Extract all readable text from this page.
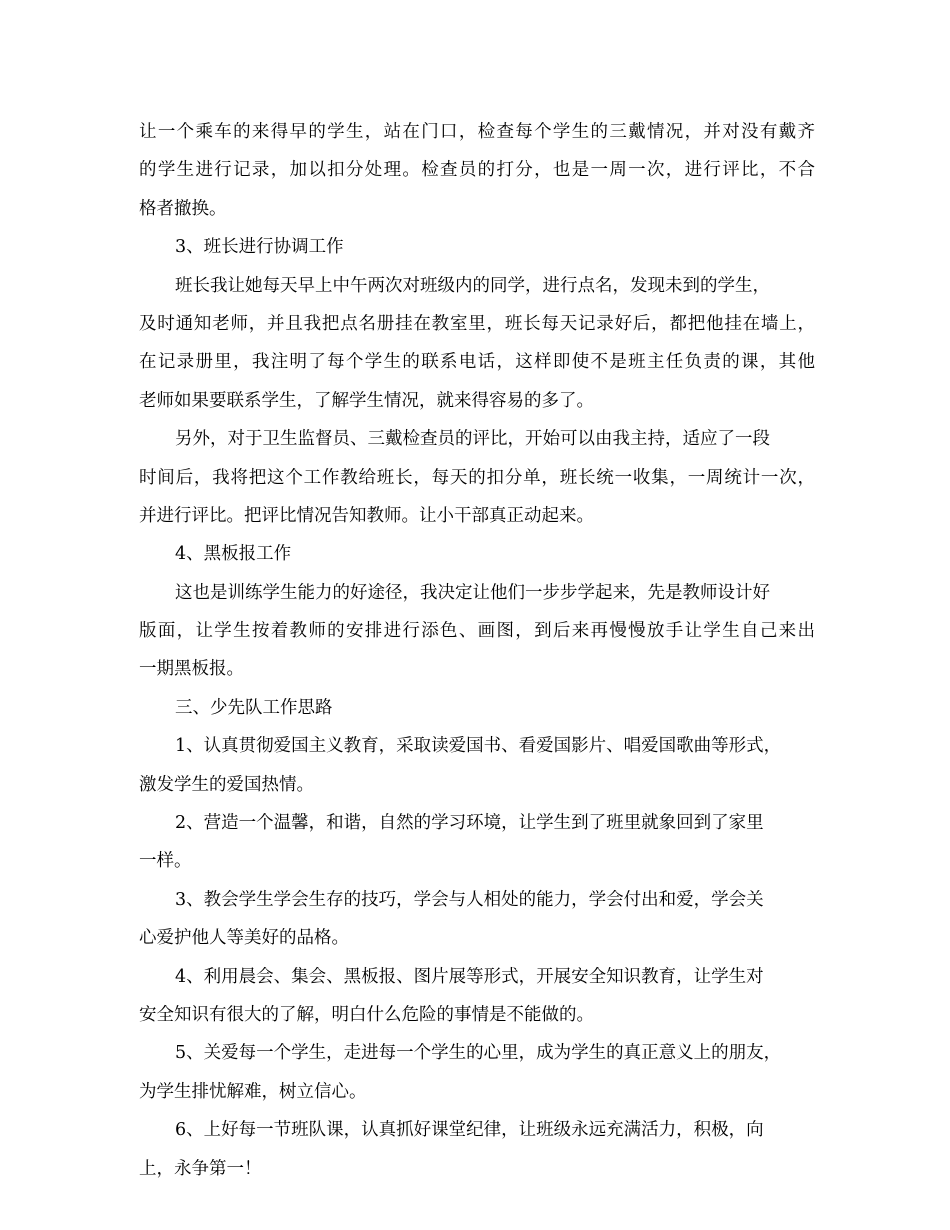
让一个乘车的来得早的学生，站在门口，检查每个学生的三戴情况，并对没有戴齐
的学生进行记录，加以扣分处理。检查员的打分，也是一周一次，进行评比，不合
格者撤换。
3、班长进行协调工作
班长我让她每天早上中午两次对班级内的同学，进行点名，发现未到的学生，
及时通知老师，并且我把点名册挂在教室里，班长每天记录好后，都把他挂在墙上，
在记录册里，我注明了每个学生的联系电话，这样即使不是班主任负责的课，其他
老师如果要联系学生，了解学生情况，就来得容易的多了。
另外，对于卫生监督员、三戴检查员的评比，开始可以由我主持，适应了一段
时间后，我将把这个工作教给班长，每天的扣分单，班长统一收集，一周统计一次，
并进行评比。把评比情况告知教师。让小干部真正动起来。
4、黑板报工作
这也是训练学生能力的好途径，我决定让他们一步步学起来，先是教师设计好
版面，让学生按着教师的安排进行添色、画图，到后来再慢慢放手让学生自己来出
一期黑板报。
三、少先队工作思路
1、认真贯彻爱国主义教育，采取读爱国书、看爱国影片、唱爱国歌曲等形式，
激发学生的爱国热情。
2、营造一个温馨，和谐，自然的学习环境，让学生到了班里就象回到了家里
一样。
3、教会学生学会生存的技巧，学会与人相处的能力，学会付出和爱，学会关
心爱护他人等美好的品格。
4、利用晨会、集会、黑板报、图片展等形式，开展安全知识教育，让学生对
安全知识有很大的了解，明白什么危险的事情是不能做的。
5、关爱每一个学生，走进每一个学生的心里，成为学生的真正意义上的朋友，
为学生排忧解难，树立信心。
6、上好每一节班队课，认真抓好课堂纪律，让班级永远充满活力，积极，向
上，永争第一！
